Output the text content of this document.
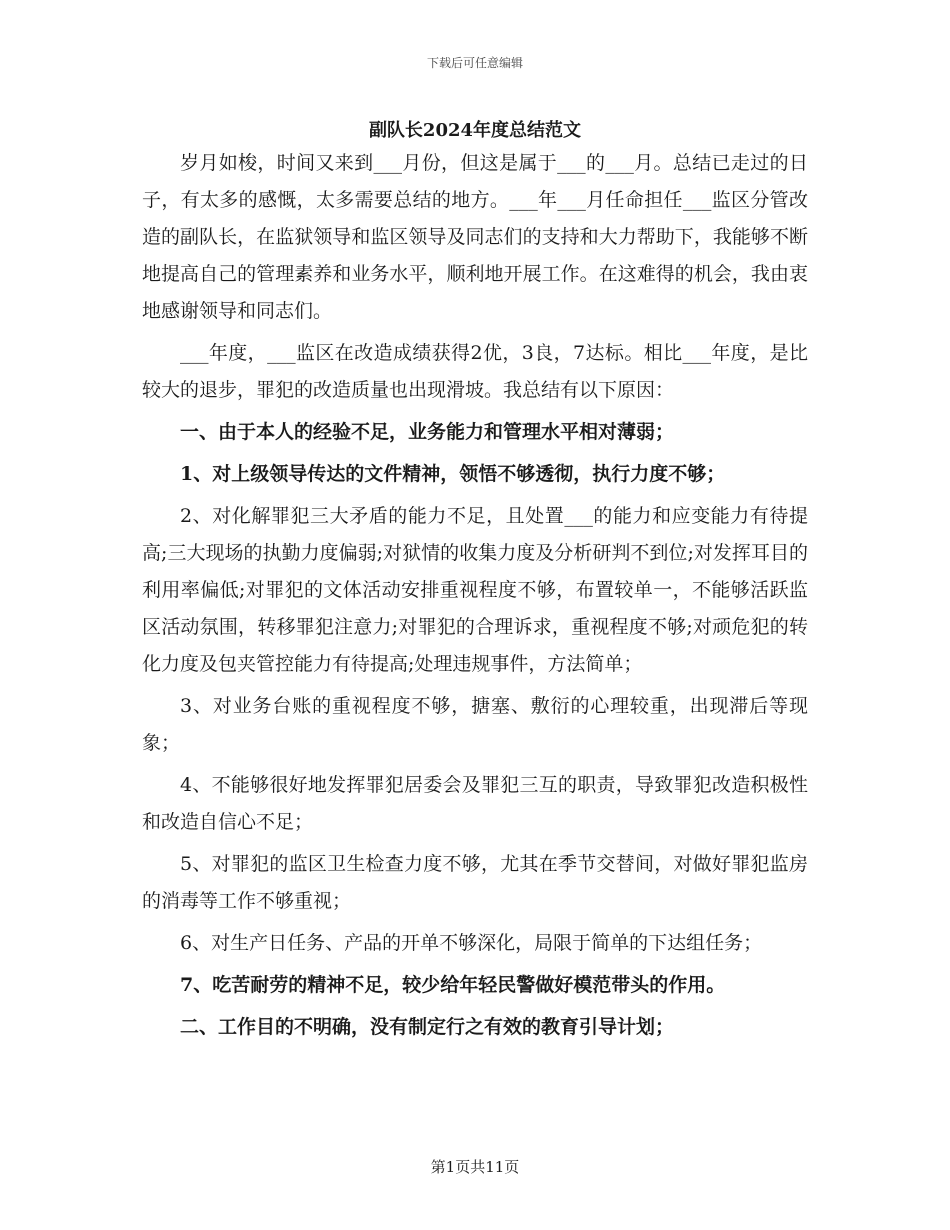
下载后可任意编辑
副队长2024年度总结范文

岁月如梭，时间又来到___月份，但这是属于___的___月。总结已走过的日子，有太多的感慨，太多需要总结的地方。___年___月任命担任___监区分管改造的副队长，在监狱领导和监区领导及同志们的支持和大力帮助下，我能够不断地提高自己的管理素养和业务水平，顺利地开展工作。在这难得的机会，我由衷地感谢领导和同志们。

___年度，___监区在改造成绩获得2优，3良，7达标。相比___年度，是比较大的退步，罪犯的改造质量也出现滑坡。我总结有以下原因：

一、由于本人的经验不足，业务能力和管理水平相对薄弱；

1、对上级领导传达的文件精神，领悟不够透彻，执行力度不够；

2、对化解罪犯三大矛盾的能力不足，且处置___的能力和应变能力有待提高;三大现场的执勤力度偏弱;对狱情的收集力度及分析研判不到位;对发挥耳目的利用率偏低;对罪犯的文体活动安排重视程度不够，布置较单一，不能够活跃监区活动氛围，转移罪犯注意力;对罪犯的合理诉求，重视程度不够;对顽危犯的转化力度及包夹管控能力有待提高;处理违规事件，方法简单；

3、对业务台账的重视程度不够，搪塞、敷衍的心理较重，出现滞后等现象；

4、不能够很好地发挥罪犯居委会及罪犯三互的职责，导致罪犯改造积极性和改造自信心不足；

5、对罪犯的监区卫生检查力度不够，尤其在季节交替间，对做好罪犯监房的消毒等工作不够重视；

6、对生产日任务、产品的开单不够深化，局限于简单的下达组任务；

7、吃苦耐劳的精神不足，较少给年轻民警做好模范带头的作用。

二、工作目的不明确，没有制定行之有效的教育引导计划；

第1页共11页
